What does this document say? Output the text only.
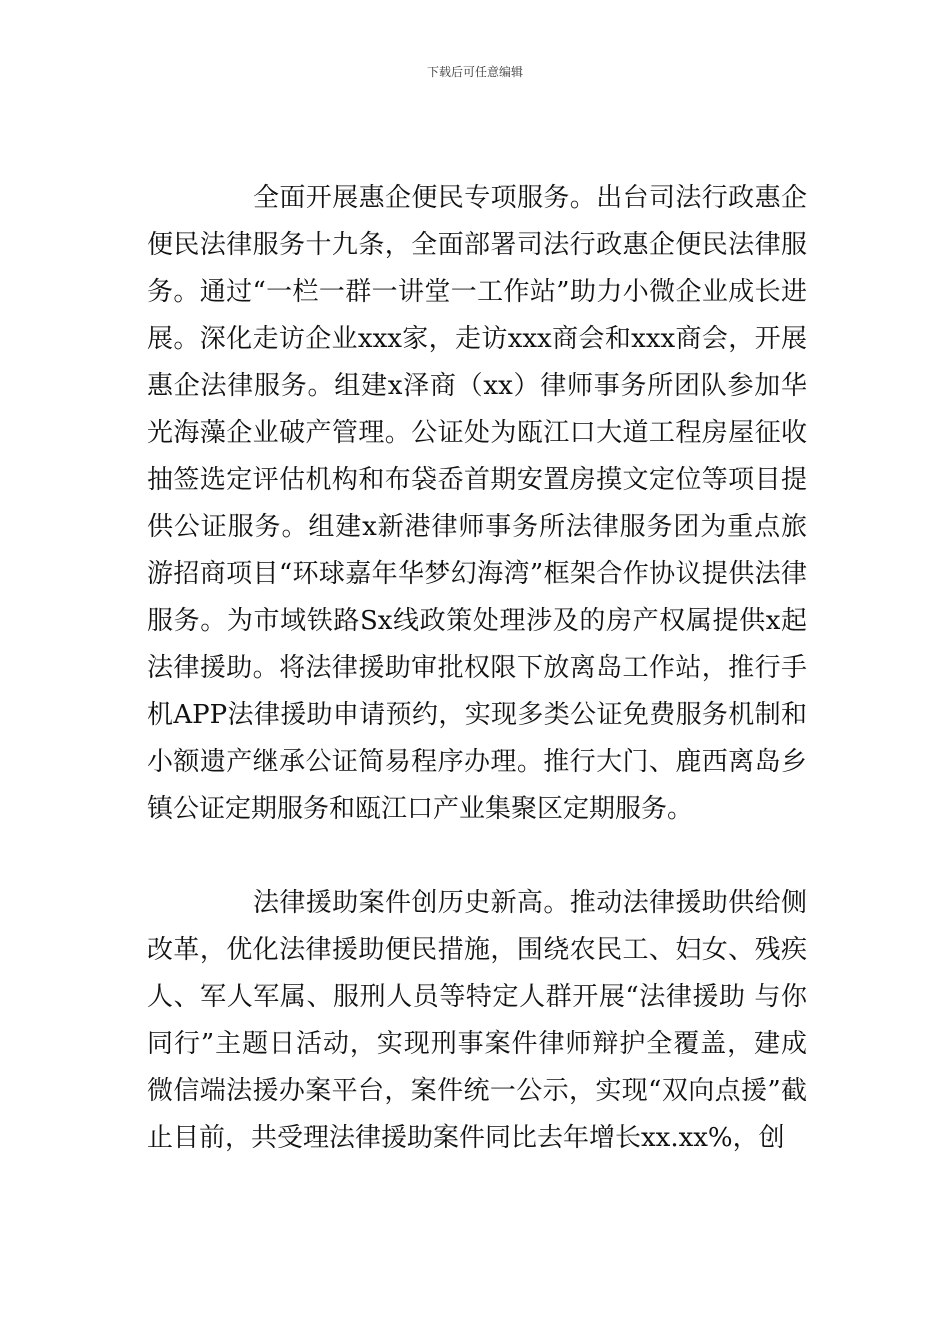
下载后可任意编辑

全面开展惠企便民专项服务。出台司法行政惠企便民法律服务十九条，全面部署司法行政惠企便民法律服务。通过“一栏一群一讲堂一工作站”助力小微企业成长进展。深化走访企业xxx家，走访xxx商会和xxx商会，开展惠企法律服务。组建x泽商（xx）律师事务所团队参加华光海藻企业破产管理。公证处为瓯江口大道工程房屋征收抽签选定评估机构和布袋岙首期安置房摸文定位等项目提供公证服务。组建x新港律师事务所法律服务团为重点旅游招商项目“环球嘉年华梦幻海湾”框架合作协议提供法律服务。为市域铁路Sx线政策处理涉及的房产权属提供x起法律援助。将法律援助审批权限下放离岛工作站，推行手机APP法律援助申请预约，实现多类公证免费服务机制和小额遗产继承公证简易程序办理。推行大门、鹿西离岛乡镇公证定期服务和瓯江口产业集聚区定期服务。

法律援助案件创历史新高。推动法律援助供给侧改革，优化法律援助便民措施，围绕农民工、妇女、残疾人、军人军属、服刑人员等特定人群开展“法律援助 与你同行”主题日活动，实现刑事案件律师辩护全覆盖，建成微信端法援办案平台，案件统一公示，实现“双向点援”截止目前，共受理法律援助案件同比去年增长xx.xx%，创
